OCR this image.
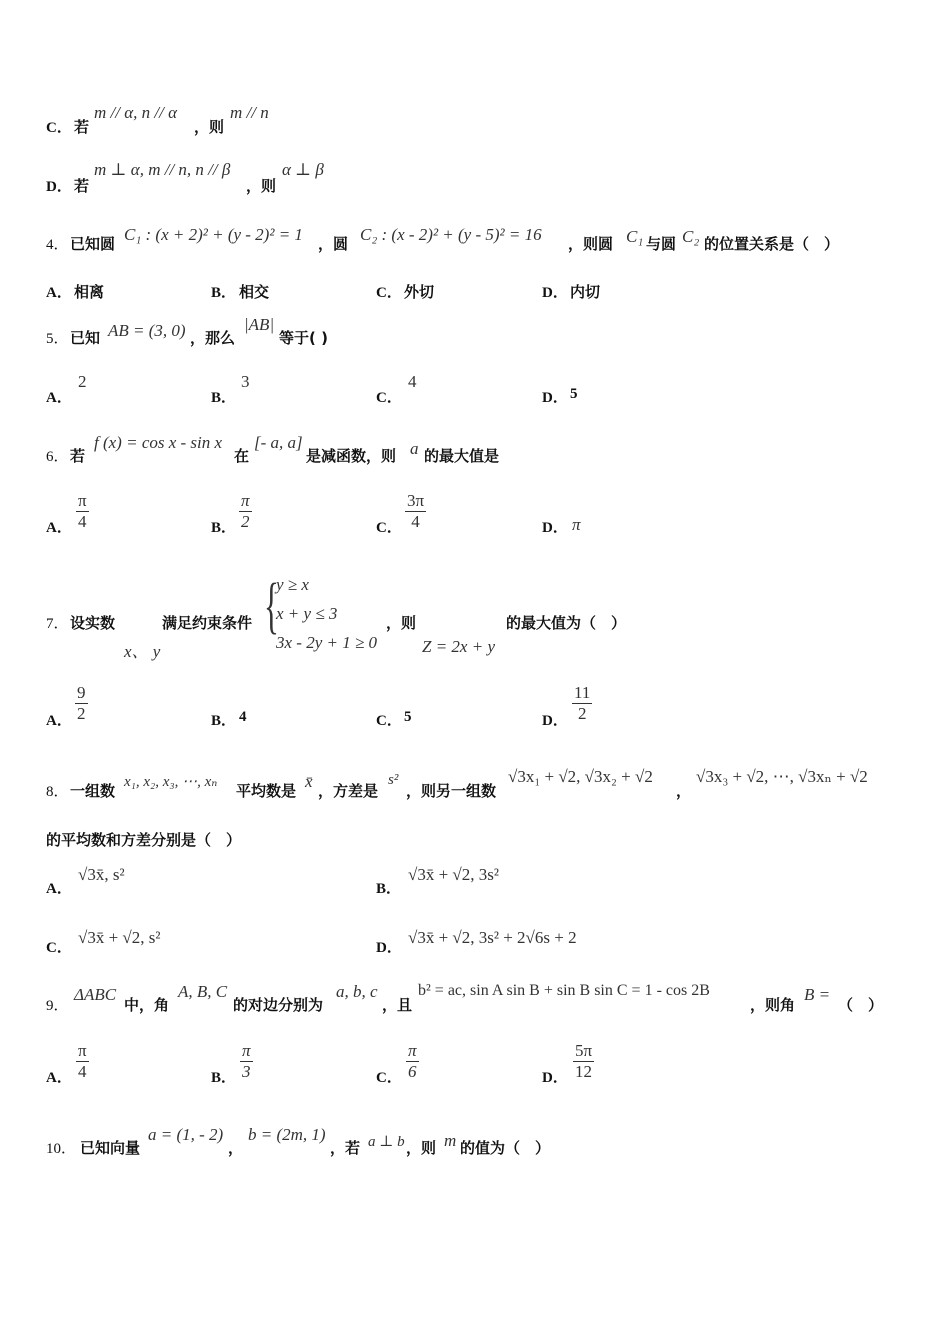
C． 若
m // α, n // α
，则
m // n
D． 若
m ⊥ α, m // n, n // β
，则
α ⊥ β
4． 已知圆 C₁ : (x + 2)² + (y - 2)² = 1 ，圆 C₂ : (x - 2)² + (y - 5)² = 16 ，则圆 C₁ 与圆 C₂ 的位置关系是（　）
A． 相离	B． 相交	C． 外切	D． 内切
5． 已知 AB = (3, 0) ，那么
|AB|
等于( )
A．
2
B．
3
C．
4
D． 5
6． 若
f (x) = cos x - sin x
在
[- a, a]
是减函数，则 a 的最大值是
A．
π
4	B．
π
2	C．
3π
4	D． π
7． 设实数
x、 y
满足约束条件 {
y ≥ x
x + y ≤ 3
3x - 2y + 1 ≥ 0
，则
Z = 2x + y
的最大值为（　）
A．
9
2	B． 4	C． 5	D．
11
2
8． 一组数 x₁, x₂, x₃, ⋯, xₙ 平均数是 x̄ ，方差是
s²
，则另一组数
√3x₁ + √2, √3x₂ + √2
，
√3x₃ + √2, ⋯, √3xₙ + √2
的平均数和方差分别是（　）
A．
√3x̄, s²
B．
√3x̄ + √2, 3s²
C．
√3x̄ + √2, s²
D．
√3x̄ + √2, 3s² + 2√6s + 2
9．
ΔABC
中，角
A, B, C
的对边分别为
a, b, c
，且
b² = ac, sin A sin B + sin B sin C = 1 - cos 2B
，则角
B =
（　）
A．
π
4	B．
π
3	C．
π
6	D．
5π
12
10． 已知向量
a = (1, - 2)
，
b = (2m, 1)
，若 a ⊥ b ，则 m 的值为（　）
